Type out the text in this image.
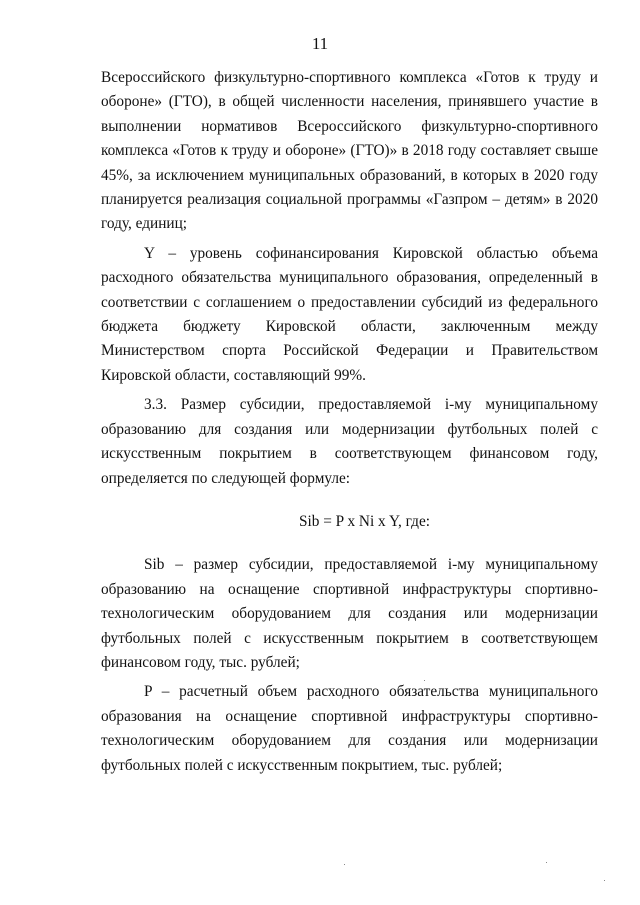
11

Всероссийского физкультурно-спортивного комплекса «Готов к труду и обороне» (ГТО), в общей численности населения, принявшего участие в выполнении нормативов Всероссийского физкультурно-спортивного комплекса «Готов к труду и обороне» (ГТО)» в 2018 году составляет свыше 45%, за исключением муниципальных образований, в которых в 2020 году планируется реализация социальной программы «Газпром – детям» в 2020 году, единиц;

Y – уровень софинансирования Кировской областью объема расходного обязательства муниципального образования, определенный в соответствии с соглашением о предоставлении субсидий из федерального бюджета бюджету Кировской области, заключенным между Министерством спорта Российской Федерации и Правительством Кировской области, составляющий 99%.

3.3. Размер субсидии, предоставляемой i-му муниципальному образованию для создания или модернизации футбольных полей с искусственным покрытием в соответствующем финансовом году, определяется по следующей формуле:

Sib = P x Ni x Y, где:

Sib – размер субсидии, предоставляемой i-му муниципальному образованию на оснащение спортивной инфраструктуры спортивно-технологическим оборудованием для создания или модернизации футбольных полей с искусственным покрытием в соответствующем финансовом году, тыс. рублей;

P – расчетный объем расходного обязательства муниципального образования на оснащение спортивной инфраструктуры спортивно-технологическим оборудованием для создания или модернизации футбольных полей с искусственным покрытием, тыс. рублей;
